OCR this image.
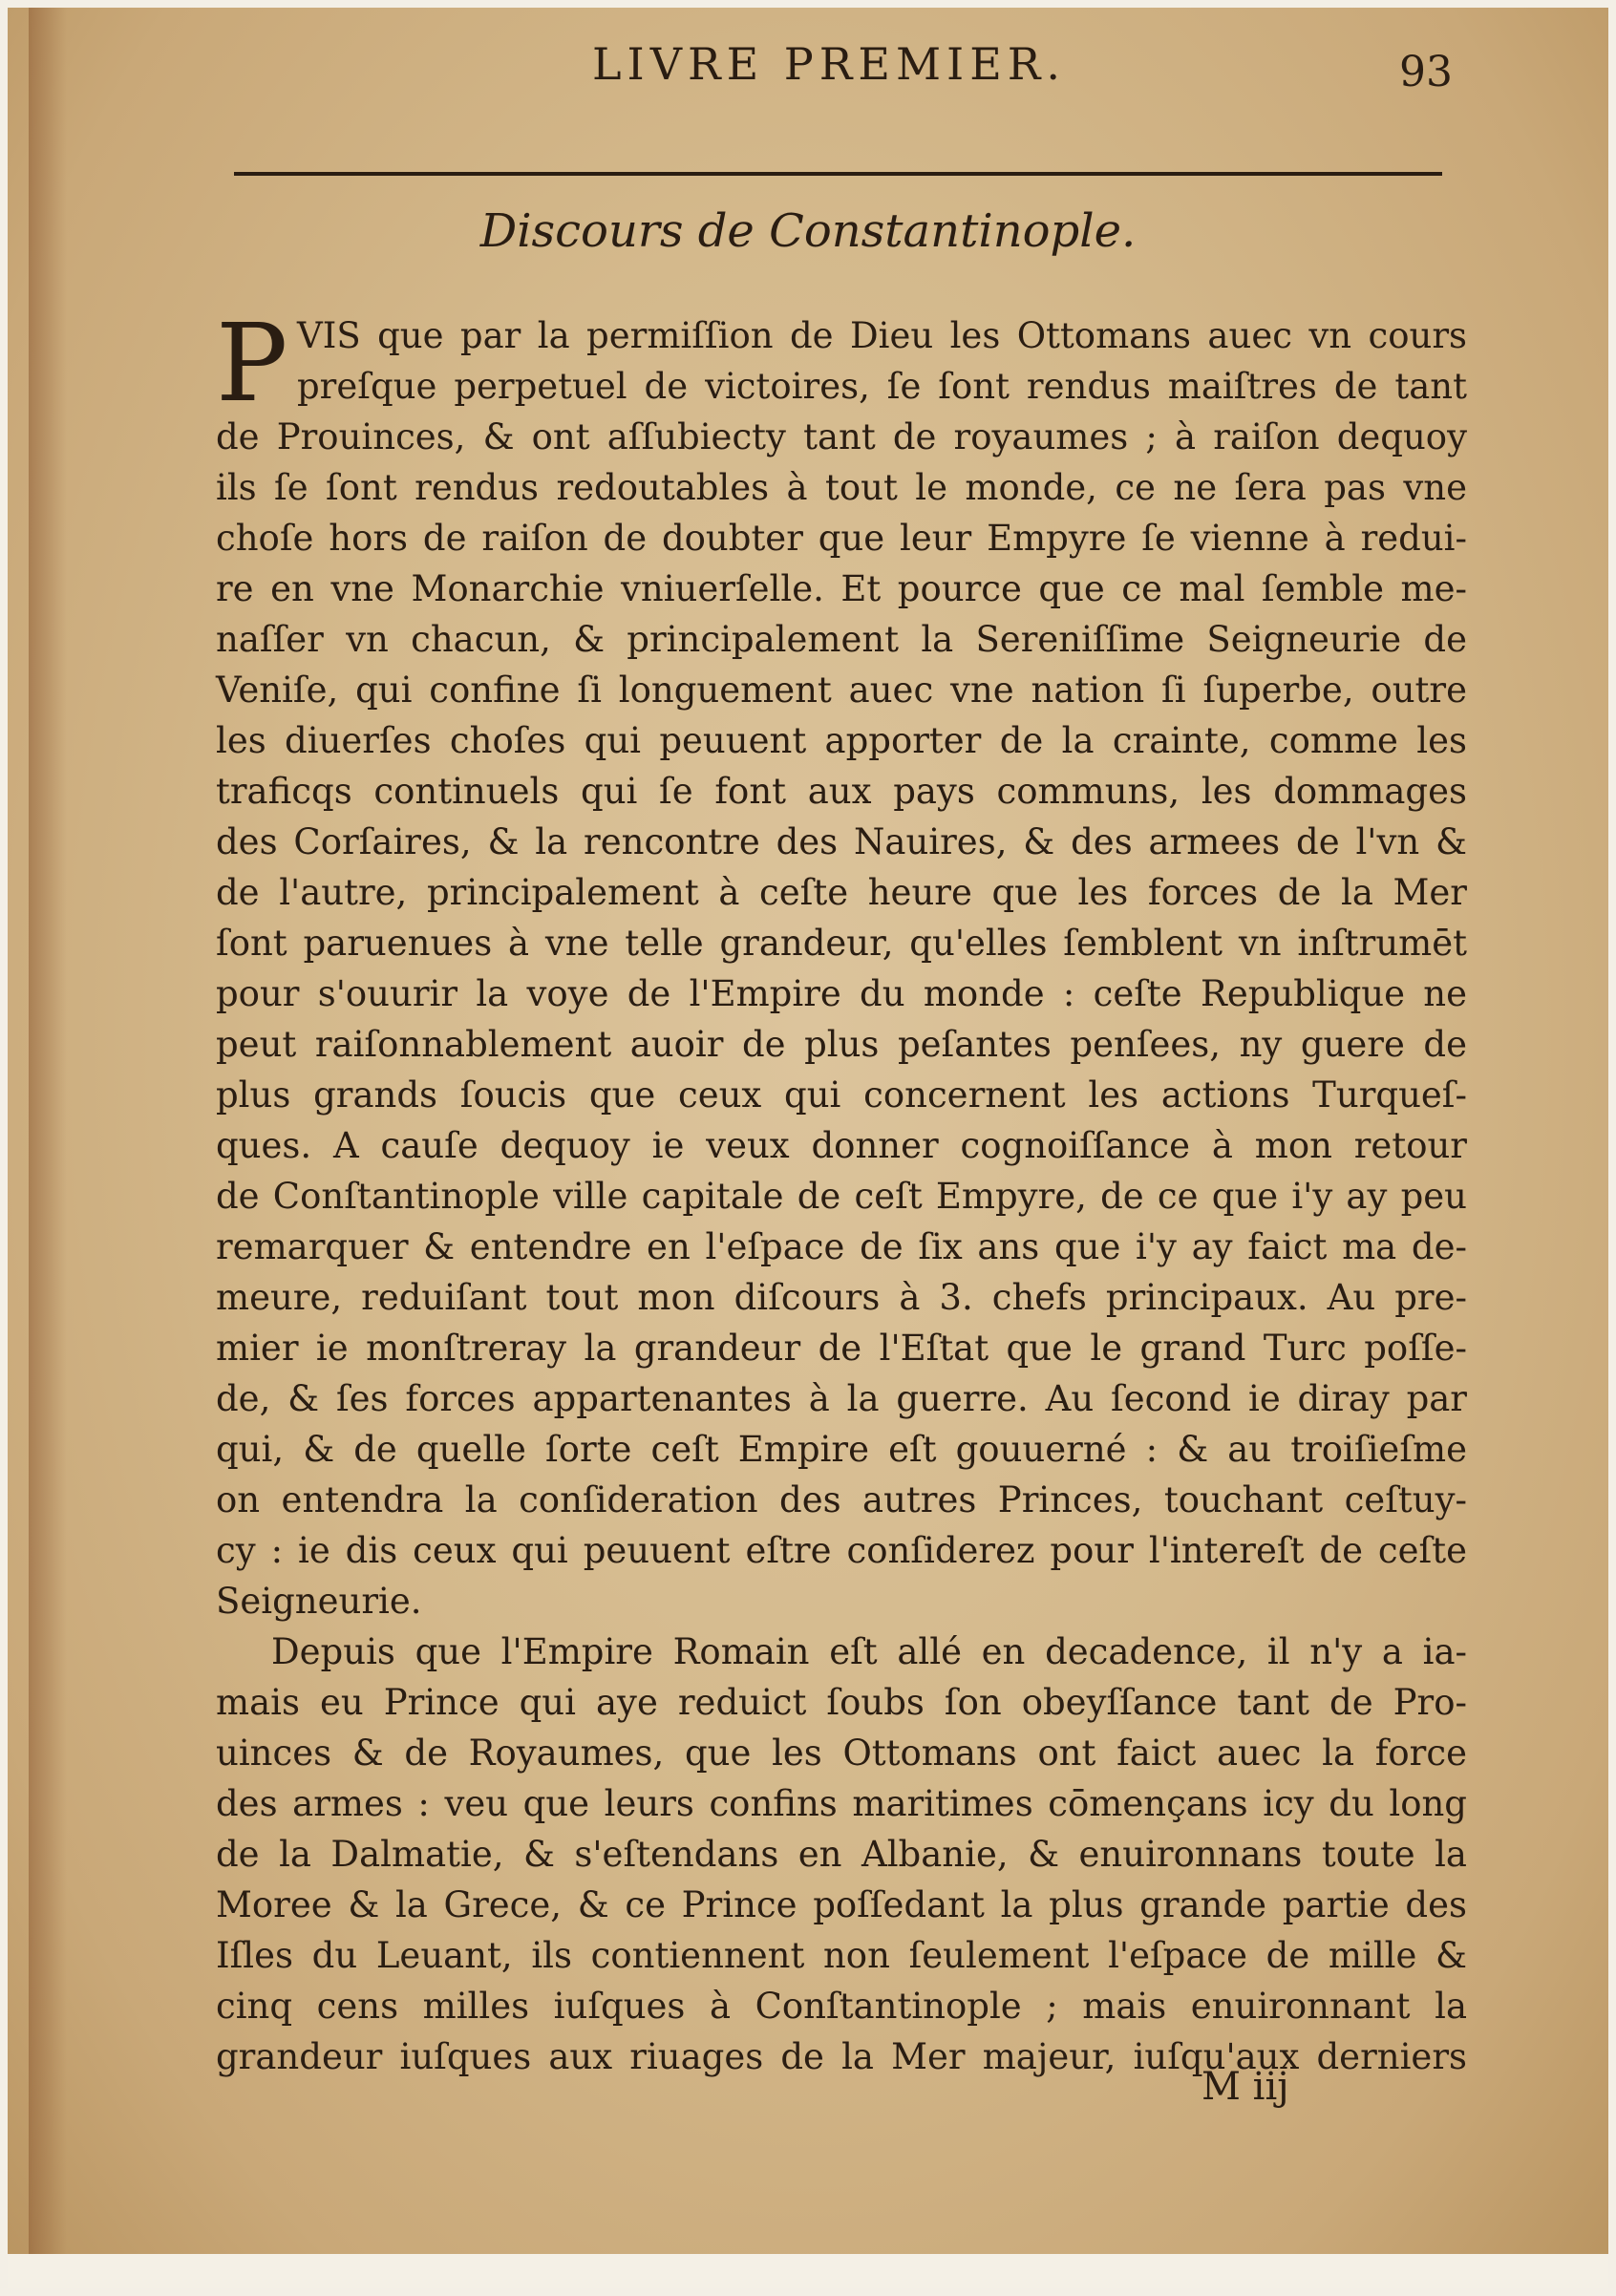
LIVRE PREMIER.	93
Discours de Constantinople.
P VIS que par la permiſſion de Dieu les Ottomans auec vn cours
preſque perpetuel de victoires, ſe ſont rendus maiſtres de tant
de Prouinces, & ont aſſubiecty tant de royaumes ; à raiſon dequoy
ils ſe ſont rendus redoutables à tout le monde, ce ne ſera pas vne
choſe hors de raiſon de doubter que leur Empyre ſe vienne à redui-
re en vne Monarchie vniuerſelle. Et pource que ce mal ſemble me-
naſſer vn chacun, & principalement la Sereniſſime Seigneurie de
Veniſe, qui confine ſi longuement auec vne nation ſi ſuperbe, outre
les diuerſes choſes qui peuuent apporter de la crainte, comme les
traficqs continuels qui ſe font aux pays communs, les dommages
des Corſaires, & la rencontre des Nauires, & des armees de l'vn &
de l'autre, principalement à ceſte heure que les forces de la Mer
ſont paruenues à vne telle grandeur, qu'elles ſemblent vn inſtrumēt
pour s'ouurir la voye de l'Empire du monde : ceſte Republique ne
peut raiſonnablement auoir de plus peſantes penſees, ny guere de
plus grands ſoucis que ceux qui concernent les actions Turqueſ-
ques. A cauſe dequoy ie veux donner cognoiſſance à mon retour
de Conſtantinople ville capitale de ceſt Empyre, de ce que i'y ay peu
remarquer & entendre en l'eſpace de ſix ans que i'y ay faict ma de-
meure, reduiſant tout mon diſcours à 3. chefs principaux. Au pre-
mier ie monſtreray la grandeur de l'Eſtat que le grand Turc poſſe-
de, & ſes forces appartenantes à la guerre. Au ſecond ie diray par
qui, & de quelle ſorte ceſt Empire eſt gouuerné : & au troiſieſme
on entendra la conſideration des autres Princes, touchant ceſtuy-
cy : ie dis ceux qui peuuent eſtre conſiderez pour l'intereſt de ceſte
Seigneurie.
Depuis que l'Empire Romain eſt allé en decadence, il n'y a ia-
mais eu Prince qui aye reduict ſoubs ſon obeyſſance tant de Pro-
uinces & de Royaumes, que les Ottomans ont faict auec la force
des armes : veu que leurs confins maritimes cōmençans icy du long
de la Dalmatie, & s'eſtendans en Albanie, & enuironnans toute la
Moree & la Grece, & ce Prince poſſedant la plus grande partie des
Iſles du Leuant, ils contiennent non ſeulement l'eſpace de mille &
cinq cens milles iuſques à Conſtantinople ; mais enuironnant la
grandeur iuſques aux riuages de la Mer majeur, iuſqu'aux derniers
M iij
